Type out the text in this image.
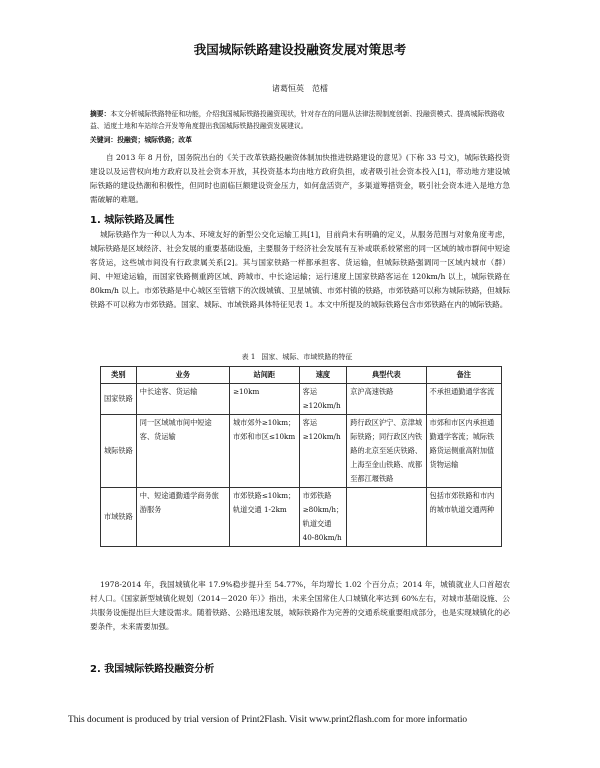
我国城际铁路建设投融资发展对策思考
诸葛恒英　范檑
摘要：本文分析城际铁路特征和功能，介绍我国城际铁路投融资现状，针对存在的问题从法律法规制度创新、投融资模式、提高城际铁路收益、适度土地和车站综合开发等角度提出我国城际铁路投融资发展建议。
关键词：投融资；城际铁路；改革

自 2013 年 8 月份，国务院出台的《关于改革铁路投融资体制加快推进铁路建设的意见》(下称 33 号文)，城际铁路投资建设以及运营权向地方政府以及社会资本开放，其投资基本均由地方政府负担，或者吸引社会资本投入[1]，带动地方建设城际铁路的建设热潮和积极性，但同时也面临巨额建设资金压力，如何盘活资产，多渠道筹措资金，吸引社会资本进入是地方急需破解的难题。

1. 城际铁路及属性

城际铁路作为一种以人为本、环境友好的新型公交化运输工具[1]，目前尚未有明确的定义，从服务范围与对象角度考虑，城际铁路是区域经济、社会发展的重要基础设施，主要服务于经济社会发展有互补或联系较紧密的同一区域的城市群间中短途客货运，这些城市间没有行政隶属关系[2]。其与国家铁路一样都承担客、货运输，但城际铁路强调同一区域内城市（群）间、中短途运输，而国家铁路侧重跨区域、跨城市、中长途运输；运行速度上国家铁路客运在 120km/h 以上，城际铁路在 80km/h 以上。市郊铁路是中心城区至管辖下的次级城镇、卫星城镇、市郊村镇的铁路，市郊铁路可以称为城际铁路，但城际铁路不可以称为市郊铁路。国家、城际、市域铁路具体特征见表 1。本文中所提及的城际铁路包含市郊铁路在内的城际铁路。

表 1 国家、城际、市域铁路的特征
类别	业务	站间距	速度	典型代表	备注
国家铁路	中长途客、货运输	≥10km	客运≥120km/h	京沪高速铁路	不承担通勤通学客流
城际铁路	同一区域城市间中短途客、货运输	城市郊外≥10km；市郊和市区≤10km	客运≥120km/h	跨行政区沪宁、京津城际铁路；同行政区内铁路的北京至延庆铁路、上海至金山铁路、成都至都江堰铁路	市郊和市区内承担通勤通学客流；城际铁路货运侧重高附加值货物运输
市域铁路	中、短途通勤通学商务旅游服务	市郊铁路≤10km；轨道交通 1-2km	市郊铁路≥80km/h；轨道交通 40-80km/h		包括市郊铁路和市内的城市轨道交通两种

1978-2014 年，我国城镇化率 17.9%稳步提升至 54.77%，年均增长 1.02 个百分点；2014 年，城镇就业人口首超农村人口。《国家新型城镇化规划（2014－2020 年）》指出，未来全国常住人口城镇化率达到 60%左右，对城市基础设施、公共服务设施提出巨大建设需求。随着铁路、公路迅速发展，城际铁路作为完善的交通系统重要组成部分，也是实现城镇化的必要条件，未来需要加强。

2. 我国城际铁路投融资分析
This document is produced by trial version of Print2Flash. Visit www.print2flash.com for more informatio
